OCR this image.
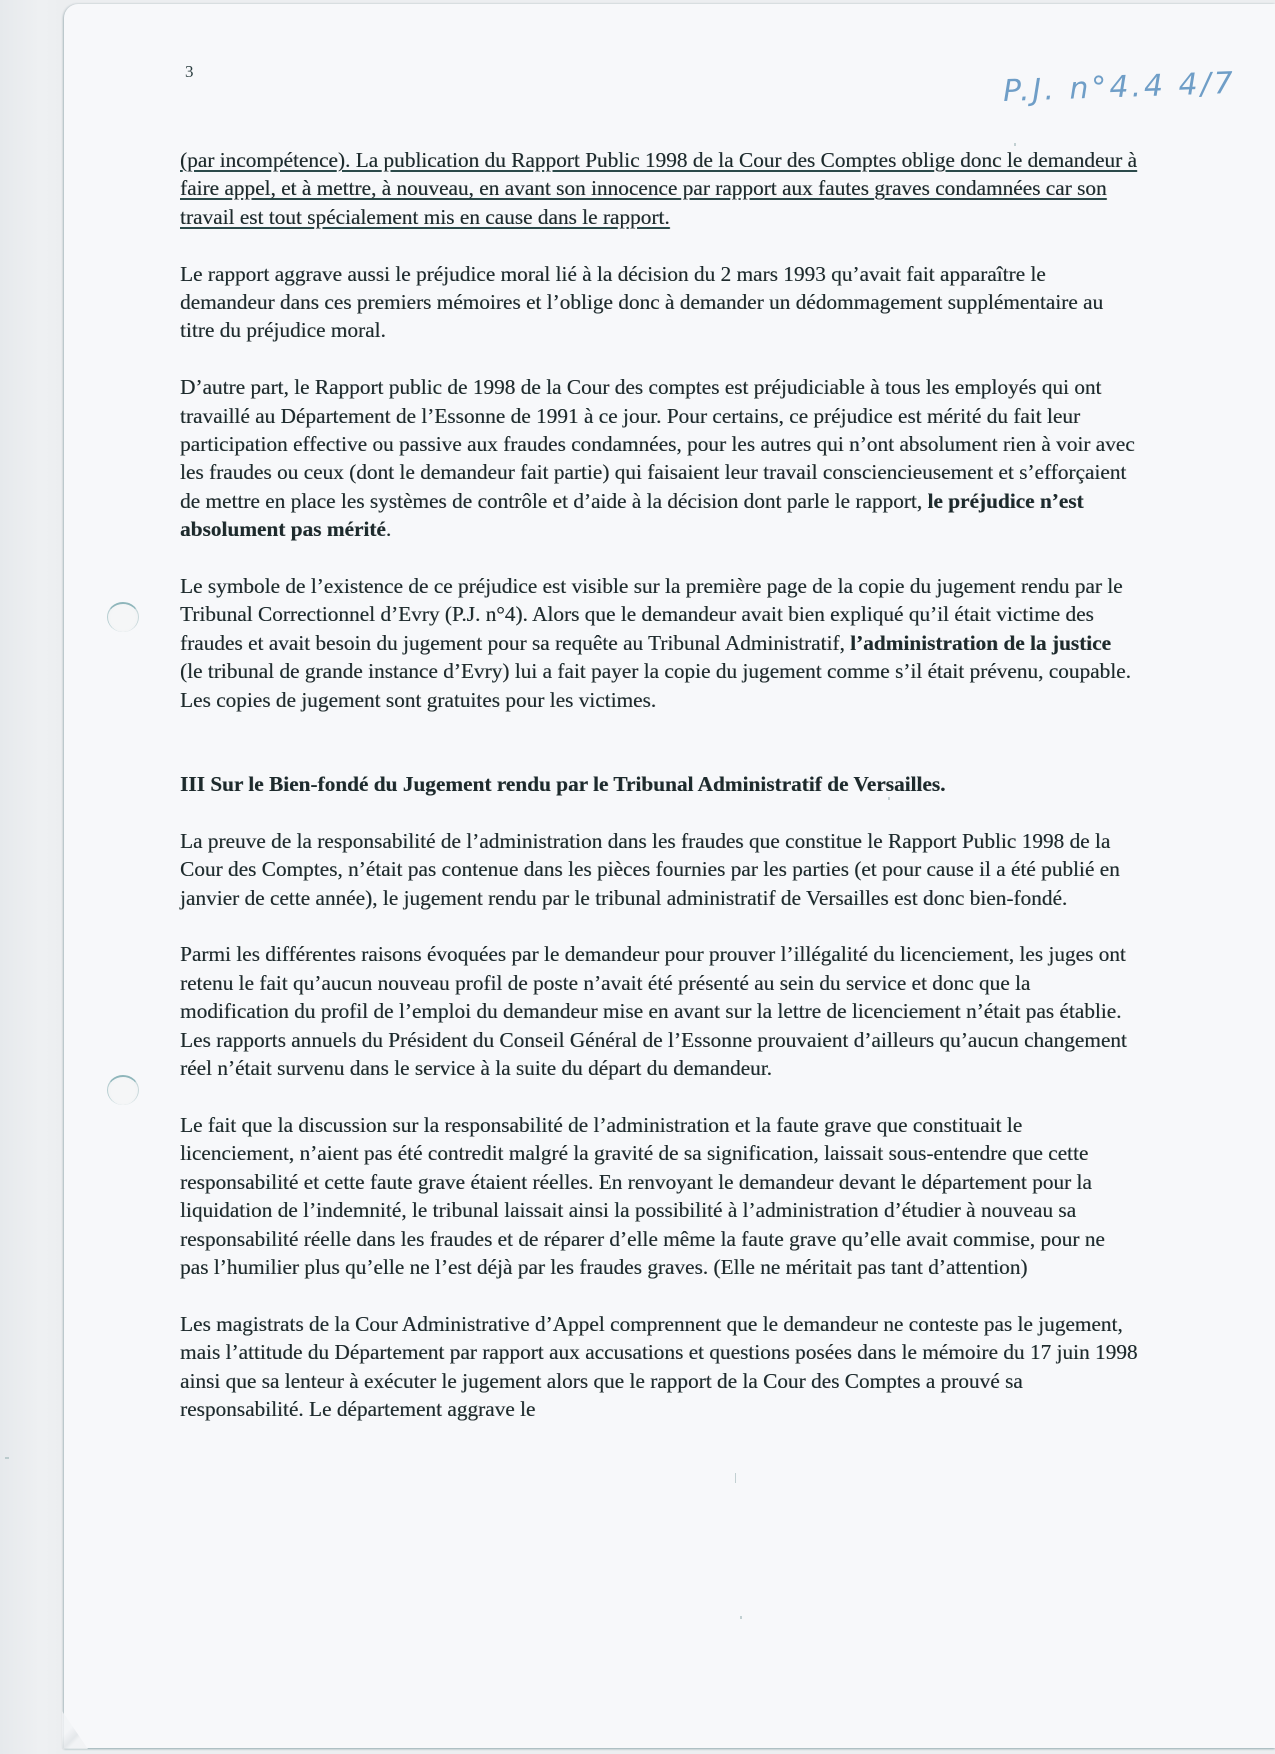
3	P.J. n°4.4 4/7

(par incompétence). La publication du Rapport Public 1998 de la Cour des Comptes oblige donc le demandeur à faire appel, et à mettre, à nouveau, en avant son innocence par rapport aux fautes graves condamnées car son travail est tout spécialement mis en cause dans le rapport.

Le rapport aggrave aussi le préjudice moral lié à la décision du 2 mars 1993 qu’avait fait apparaître le demandeur dans ces premiers mémoires et l’oblige donc à demander un dédommagement supplémentaire au titre du préjudice moral.

D’autre part, le Rapport public de 1998 de la Cour des comptes est préjudiciable à tous les employés qui ont travaillé au Département de l’Essonne de 1991 à ce jour. Pour certains, ce préjudice est mérité du fait leur participation effective ou passive aux fraudes condamnées, pour les autres qui n’ont absolument rien à voir avec les fraudes ou ceux (dont le demandeur fait partie) qui faisaient leur travail consciencieusement et s’efforçaient de mettre en place les systèmes de contrôle et d’aide à la décision dont parle le rapport, le préjudice n’est absolument pas mérité.

Le symbole de l’existence de ce préjudice est visible sur la première page de la copie du jugement rendu par le Tribunal Correctionnel d’Evry (P.J. n°4). Alors que le demandeur avait bien expliqué qu’il était victime des fraudes et avait besoin du jugement pour sa requête au Tribunal Administratif, l’administration de la justice (le tribunal de grande instance d’Evry) lui a fait payer la copie du jugement comme s’il était prévenu, coupable. Les copies de jugement sont gratuites pour les victimes.

III Sur le Bien-fondé du Jugement rendu par le Tribunal Administratif de Versailles.

La preuve de la responsabilité de l’administration dans les fraudes que constitue le Rapport Public 1998 de la Cour des Comptes, n’était pas contenue dans les pièces fournies par les parties (et pour cause il a été publié en janvier de cette année), le jugement rendu par le tribunal administratif de Versailles est donc bien-fondé.

Parmi les différentes raisons évoquées par le demandeur pour prouver l’illégalité du licenciement, les juges ont retenu le fait qu’aucun nouveau profil de poste n’avait été présenté au sein du service et donc que la modification du profil de l’emploi du demandeur mise en avant sur la lettre de licenciement n’était pas établie. Les rapports annuels du Président du Conseil Général de l’Essonne prouvaient d’ailleurs qu’aucun changement réel n’était survenu dans le service à la suite du départ du demandeur.

Le fait que la discussion sur la responsabilité de l’administration et la faute grave que constituait le licenciement, n’aient pas été contredit malgré la gravité de sa signification, laissait sous-entendre que cette responsabilité et cette faute grave étaient réelles. En renvoyant le demandeur devant le département pour la liquidation de l’indemnité, le tribunal laissait ainsi la possibilité à l’administration d’étudier à nouveau sa responsabilité réelle dans les fraudes et de réparer d’elle même la faute grave qu’elle avait commise, pour ne pas l’humilier plus qu’elle ne l’est déjà par les fraudes graves. (Elle ne méritait pas tant d’attention)

Les magistrats de la Cour Administrative d’Appel comprennent que le demandeur ne conteste pas le jugement, mais l’attitude du Département par rapport aux accusations et questions posées dans le mémoire du 17 juin 1998 ainsi que sa lenteur à exécuter le jugement alors que le rapport de la Cour des Comptes a prouvé sa responsabilité. Le département aggrave le
